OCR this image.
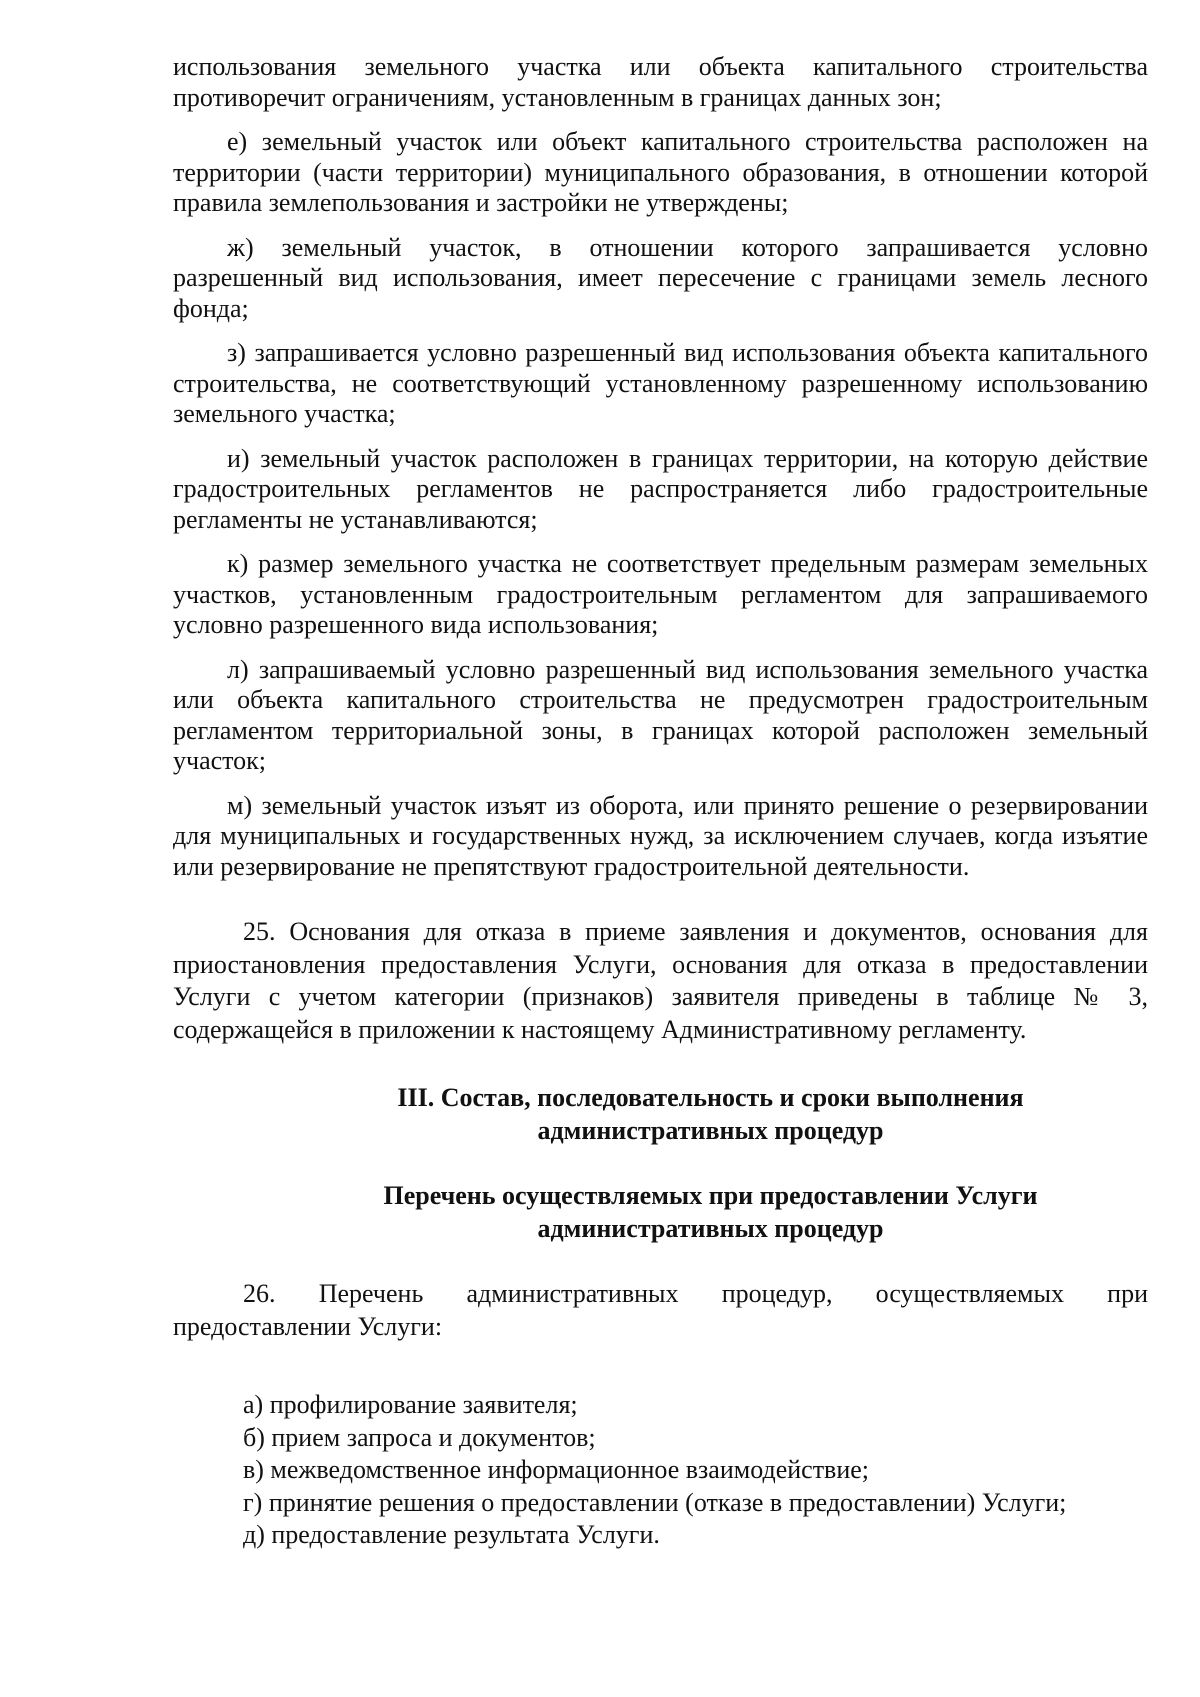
использования земельного участка или объекта капитального строительства противоречит ограничениям, установленным в границах данных зон;

е) земельный участок или объект капитального строительства расположен на территории (части территории) муниципального образования, в отношении которой правила землепользования и застройки не утверждены;

ж) земельный участок, в отношении которого запрашивается условно разрешенный вид использования, имеет пересечение с границами земель лесного фонда;

з) запрашивается условно разрешенный вид использования объекта капитального строительства, не соответствующий установленному разрешенному использованию земельного участка;

и) земельный участок расположен в границах территории, на которую действие градостроительных регламентов не распространяется либо градостроительные регламенты не устанавливаются;

к) размер земельного участка не соответствует предельным размерам земельных участков, установленным градостроительным регламентом для запрашиваемого условно разрешенного вида использования;

л) запрашиваемый условно разрешенный вид использования земельного участка или объекта капитального строительства не предусмотрен градостроительным регламентом территориальной зоны, в границах которой расположен земельный участок;

м) земельный участок изъят из оборота, или принято решение о резервировании для муниципальных и государственных нужд, за исключением случаев, когда изъятие или резервирование не препятствуют градостроительной деятельности.

25. Основания для отказа в приеме заявления и документов, основания для приостановления предоставления Услуги, основания для отказа в предоставлении Услуги с учетом категории (признаков) заявителя приведены в таблице № 3, содержащейся в приложении к настоящему Административному регламенту.

III. Состав, последовательность и сроки выполнения
административных процедур
Перечень осуществляемых при предоставлении Услуги
административных процедур

26. Перечень административных процедур, осуществляемых при предоставлении Услуги:

а) профилирование заявителя;
б) прием запроса и документов;
в) межведомственное информационное взаимодействие;
г) принятие решения о предоставлении (отказе в предоставлении) Услуги;
д) предоставление результата Услуги.
